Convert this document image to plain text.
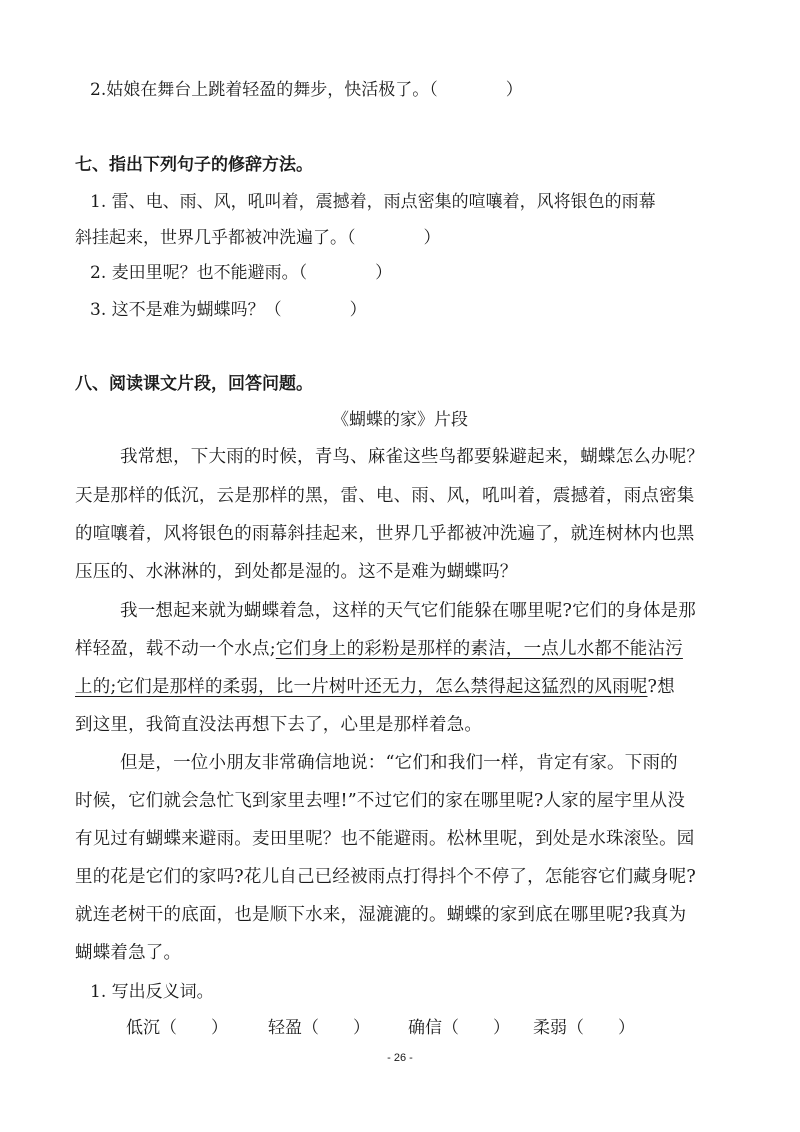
2.姑娘在舞台上跳着轻盈的舞步，快活极了。（　　　　）
七、指出下列句子的修辞方法。
1. 雷、电、雨、风，吼叫着，震撼着，雨点密集的喧嚷着，风将银色的雨幕
斜挂起来，世界几乎都被冲洗遍了。（　　　　）
2. 麦田里呢？也不能避雨。（　　　　）
3. 这不是难为蝴蝶吗？（　　　　）
八、阅读课文片段，回答问题。
《蝴蝶的家》片段
我常想，下大雨的时候，青鸟、麻雀这些鸟都要躲避起来，蝴蝶怎么办呢？
天是那样的低沉，云是那样的黑，雷、电、雨、风，吼叫着，震撼着，雨点密集
的喧嚷着，风将银色的雨幕斜挂起来，世界几乎都被冲洗遍了，就连树林内也黑
压压的、水淋淋的，到处都是湿的。这不是难为蝴蝶吗？
我一想起来就为蝴蝶着急，这样的天气它们能躲在哪里呢?它们的身体是那
样轻盈，载不动一个水点;它们身上的彩粉是那样的素洁，一点儿水都不能沾污
上的;它们是那样的柔弱，比一片树叶还无力，怎么禁得起这猛烈的风雨呢?想
到这里，我简直没法再想下去了，心里是那样着急。
但是，一位小朋友非常确信地说：“它们和我们一样，肯定有家。下雨的
时候，它们就会急忙飞到家里去哩!”不过它们的家在哪里呢?人家的屋宇里从没
有见过有蝴蝶来避雨。麦田里呢？也不能避雨。松林里呢，到处是水珠滚坠。园
里的花是它们的家吗?花儿自己已经被雨点打得抖个不停了，怎能容它们藏身呢?
就连老树干的底面，也是顺下水来，湿漉漉的。蝴蝶的家到底在哪里呢?我真为
蝴蝶着急了。
1. 写出反义词。
低沉（　　） 轻盈（　　） 确信（　　） 柔弱（　　）
- 26 -
